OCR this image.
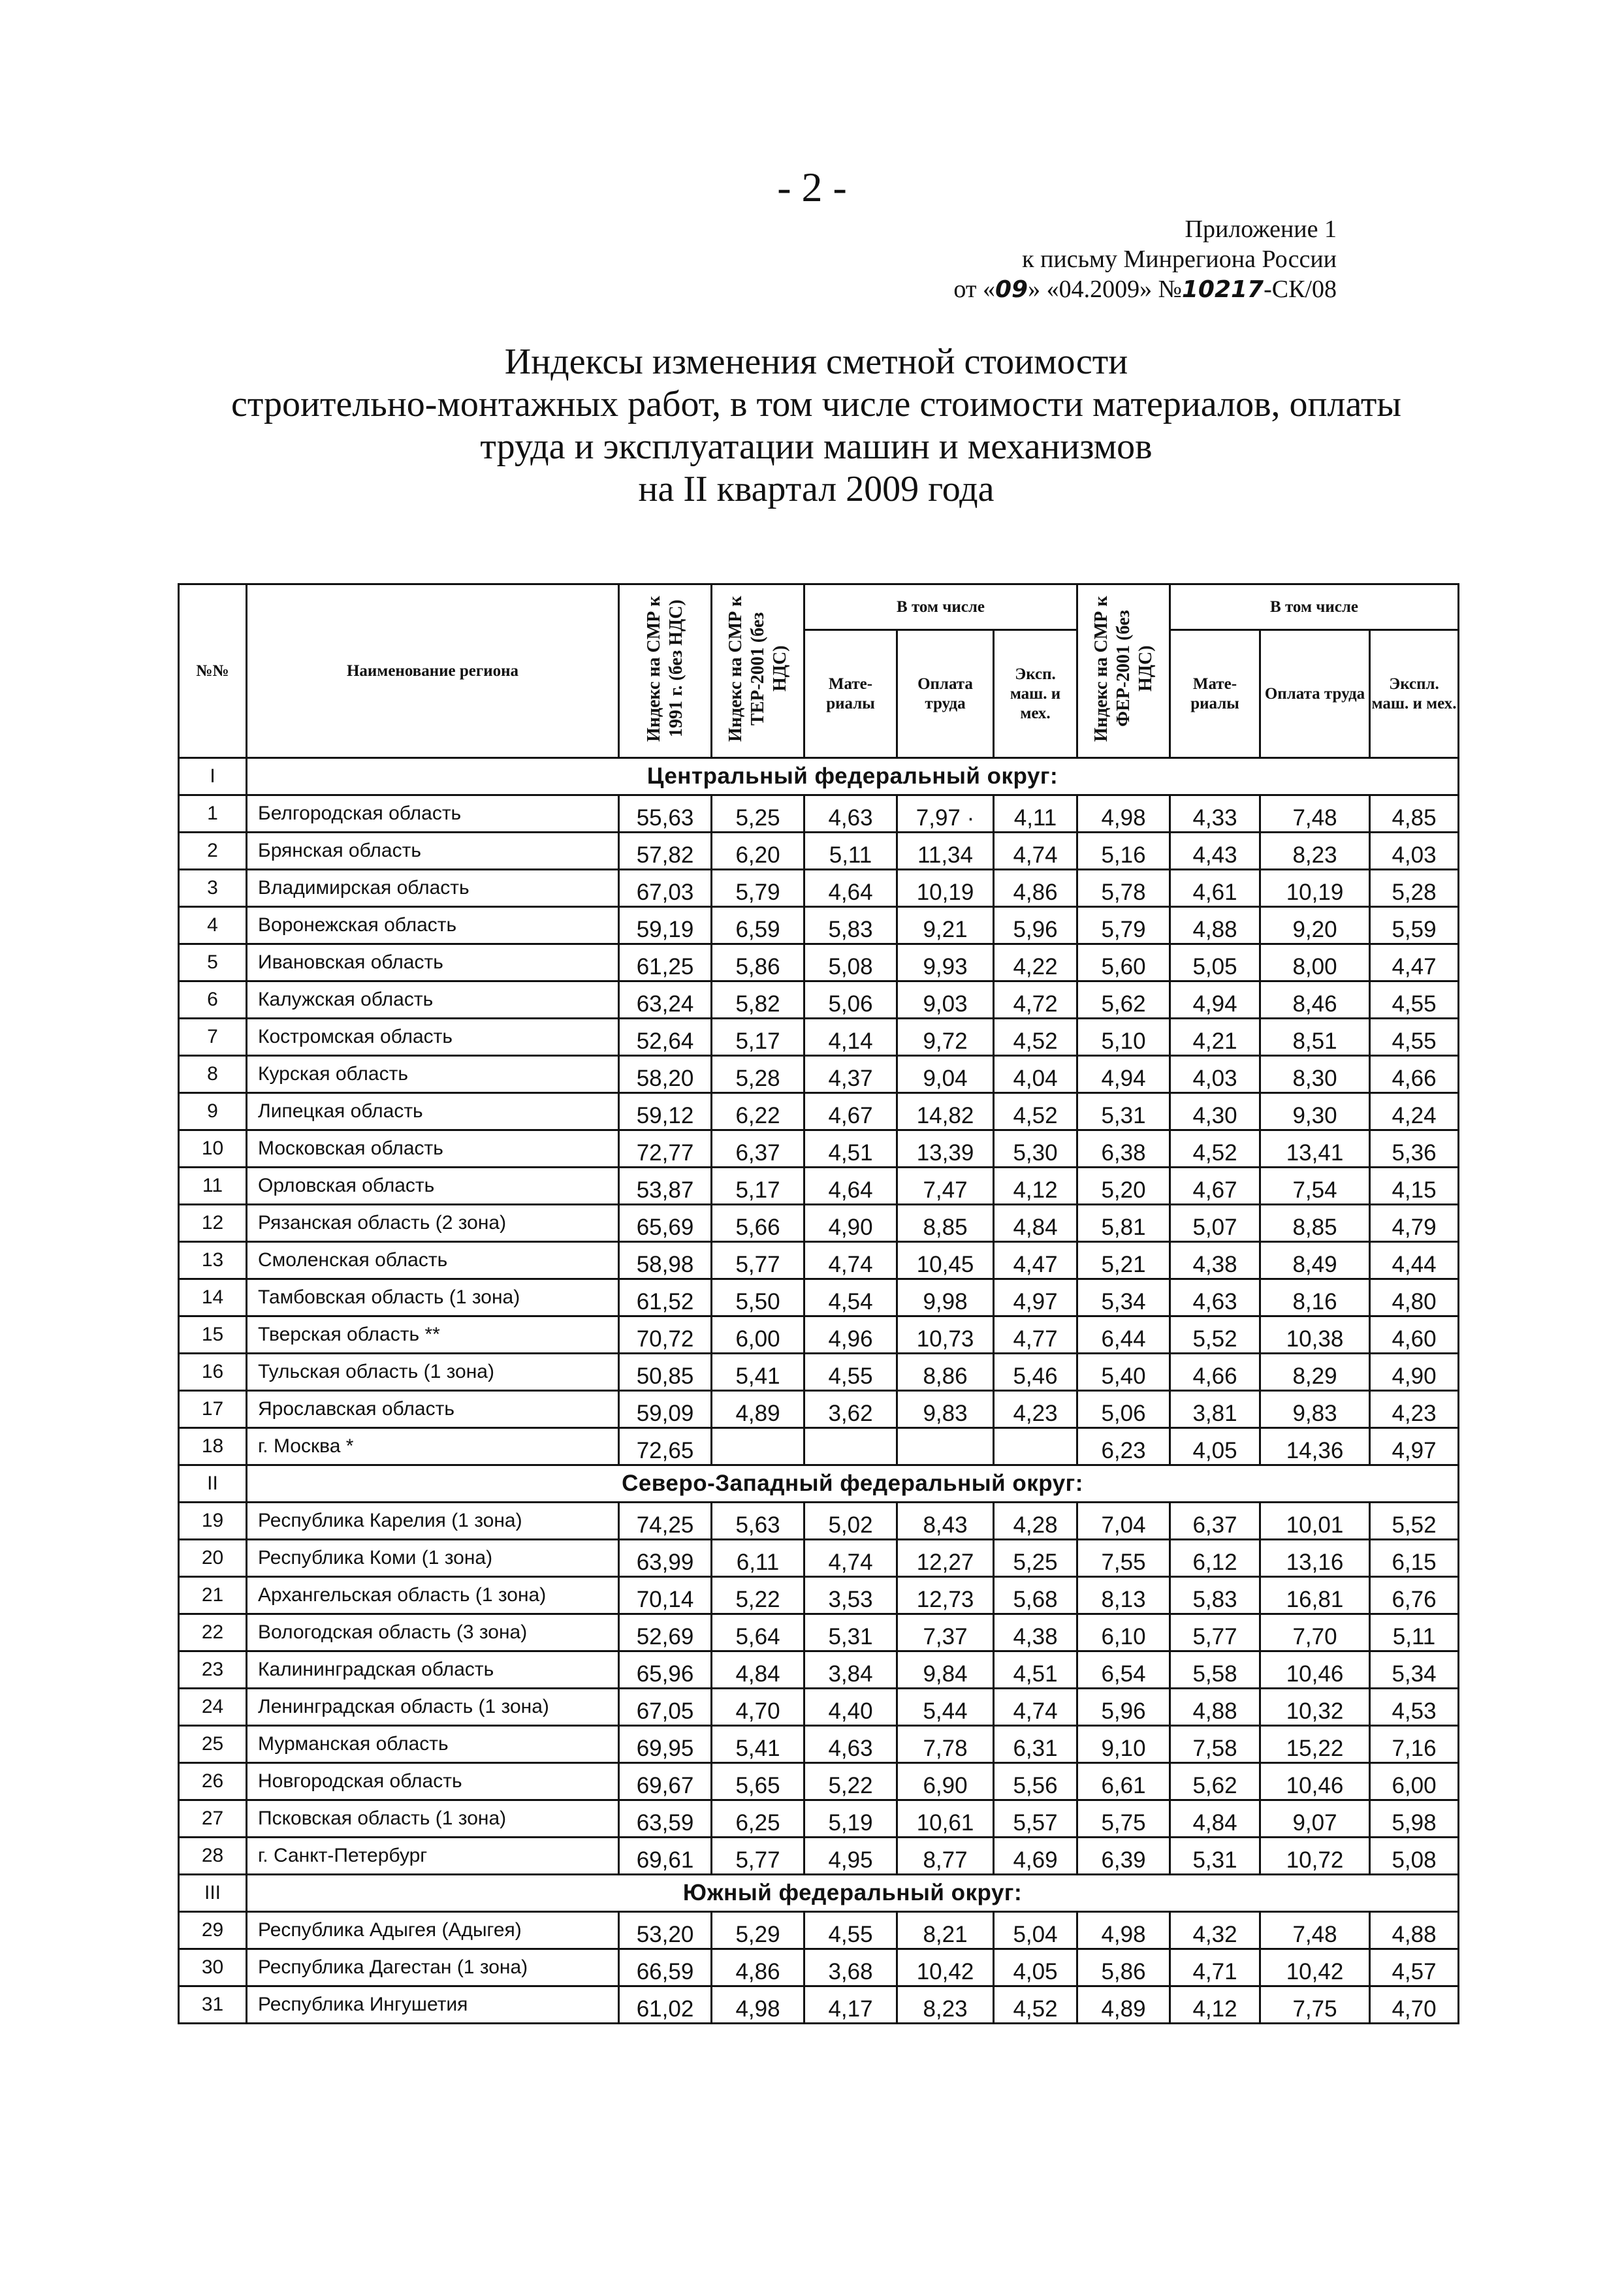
- 2 -
Приложение 1
к письму Минрегиона России
от «09» «04.2009» №10217-СК/08
Индексы изменения сметной стоимости
строительно-монтажных работ, в том числе стоимости материалов, оплаты
труда и эксплуатации машин и механизмов
на II квартал 2009 года
№№	Наименование региона	Индекс на СМР к 1991 г. (без НДС)	Индекс на СМР к ТЕР-2001 (без НДС)	В том числе			Индекс на СМР к ФЕР-2001 (без НДС)	В том числе		
				Мате-риалы	Оплата труда	Эксп. маш. и мех.		Мате-риалы	Оплата труда	Экспл. маш. и мех.
I	Центральный федеральный округ:									
1	Белгородская область	55,63	5,25	4,63	7,97 ·	4,11	4,98	4,33	7,48	4,85
2	Брянская область	57,82	6,20	5,11	11,34	4,74	5,16	4,43	8,23	4,03
3	Владимирская область	67,03	5,79	4,64	10,19	4,86	5,78	4,61	10,19	5,28
4	Воронежская область	59,19	6,59	5,83	9,21	5,96	5,79	4,88	9,20	5,59
5	Ивановская область	61,25	5,86	5,08	9,93	4,22	5,60	5,05	8,00	4,47
6	Калужская область	63,24	5,82	5,06	9,03	4,72	5,62	4,94	8,46	4,55
7	Костромская область	52,64	5,17	4,14	9,72	4,52	5,10	4,21	8,51	4,55
8	Курская область	58,20	5,28	4,37	9,04	4,04	4,94	4,03	8,30	4,66
9	Липецкая область	59,12	6,22	4,67	14,82	4,52	5,31	4,30	9,30	4,24
10	Московская область	72,77	6,37	4,51	13,39	5,30	6,38	4,52	13,41	5,36
11	Орловская область	53,87	5,17	4,64	7,47	4,12	5,20	4,67	7,54	4,15
12	Рязанская область (2 зона)	65,69	5,66	4,90	8,85	4,84	5,81	5,07	8,85	4,79
13	Смоленская область	58,98	5,77	4,74	10,45	4,47	5,21	4,38	8,49	4,44
14	Тамбовская область (1 зона)	61,52	5,50	4,54	9,98	4,97	5,34	4,63	8,16	4,80
15	Тверская область **	70,72	6,00	4,96	10,73	4,77	6,44	5,52	10,38	4,60
16	Тульская область (1 зона)	50,85	5,41	4,55	8,86	5,46	5,40	4,66	8,29	4,90
17	Ярославская область	59,09	4,89	3,62	9,83	4,23	5,06	3,81	9,83	4,23
18	г. Москва *	72,65					6,23	4,05	14,36	4,97
II	Северо-Западный федеральный округ:									
19	Республика Карелия (1 зона)	74,25	5,63	5,02	8,43	4,28	7,04	6,37	10,01	5,52
20	Республика Коми (1 зона)	63,99	6,11	4,74	12,27	5,25	7,55	6,12	13,16	6,15
21	Архангельская область (1 зона)	70,14	5,22	3,53	12,73	5,68	8,13	5,83	16,81	6,76
22	Вологодская область (3 зона)	52,69	5,64	5,31	7,37	4,38	6,10	5,77	7,70	5,11
23	Калининградская область	65,96	4,84	3,84	9,84	4,51	6,54	5,58	10,46	5,34
24	Ленинградская область (1 зона)	67,05	4,70	4,40	5,44	4,74	5,96	4,88	10,32	4,53
25	Мурманская область	69,95	5,41	4,63	7,78	6,31	9,10	7,58	15,22	7,16
26	Новгородская область	69,67	5,65	5,22	6,90	5,56	6,61	5,62	10,46	6,00
27	Псковская область (1 зона)	63,59	6,25	5,19	10,61	5,57	5,75	4,84	9,07	5,98
28	г. Санкт-Петербург	69,61	5,77	4,95	8,77	4,69	6,39	5,31	10,72	5,08
III	Южный федеральный округ:									
29	Республика Адыгея (Адыгея)	53,20	5,29	4,55	8,21	5,04	4,98	4,32	7,48	4,88
30	Республика Дагестан (1 зона)	66,59	4,86	3,68	10,42	4,05	5,86	4,71	10,42	4,57
31	Республика Ингушетия	61,02	4,98	4,17	8,23	4,52	4,89	4,12	7,75	4,70
